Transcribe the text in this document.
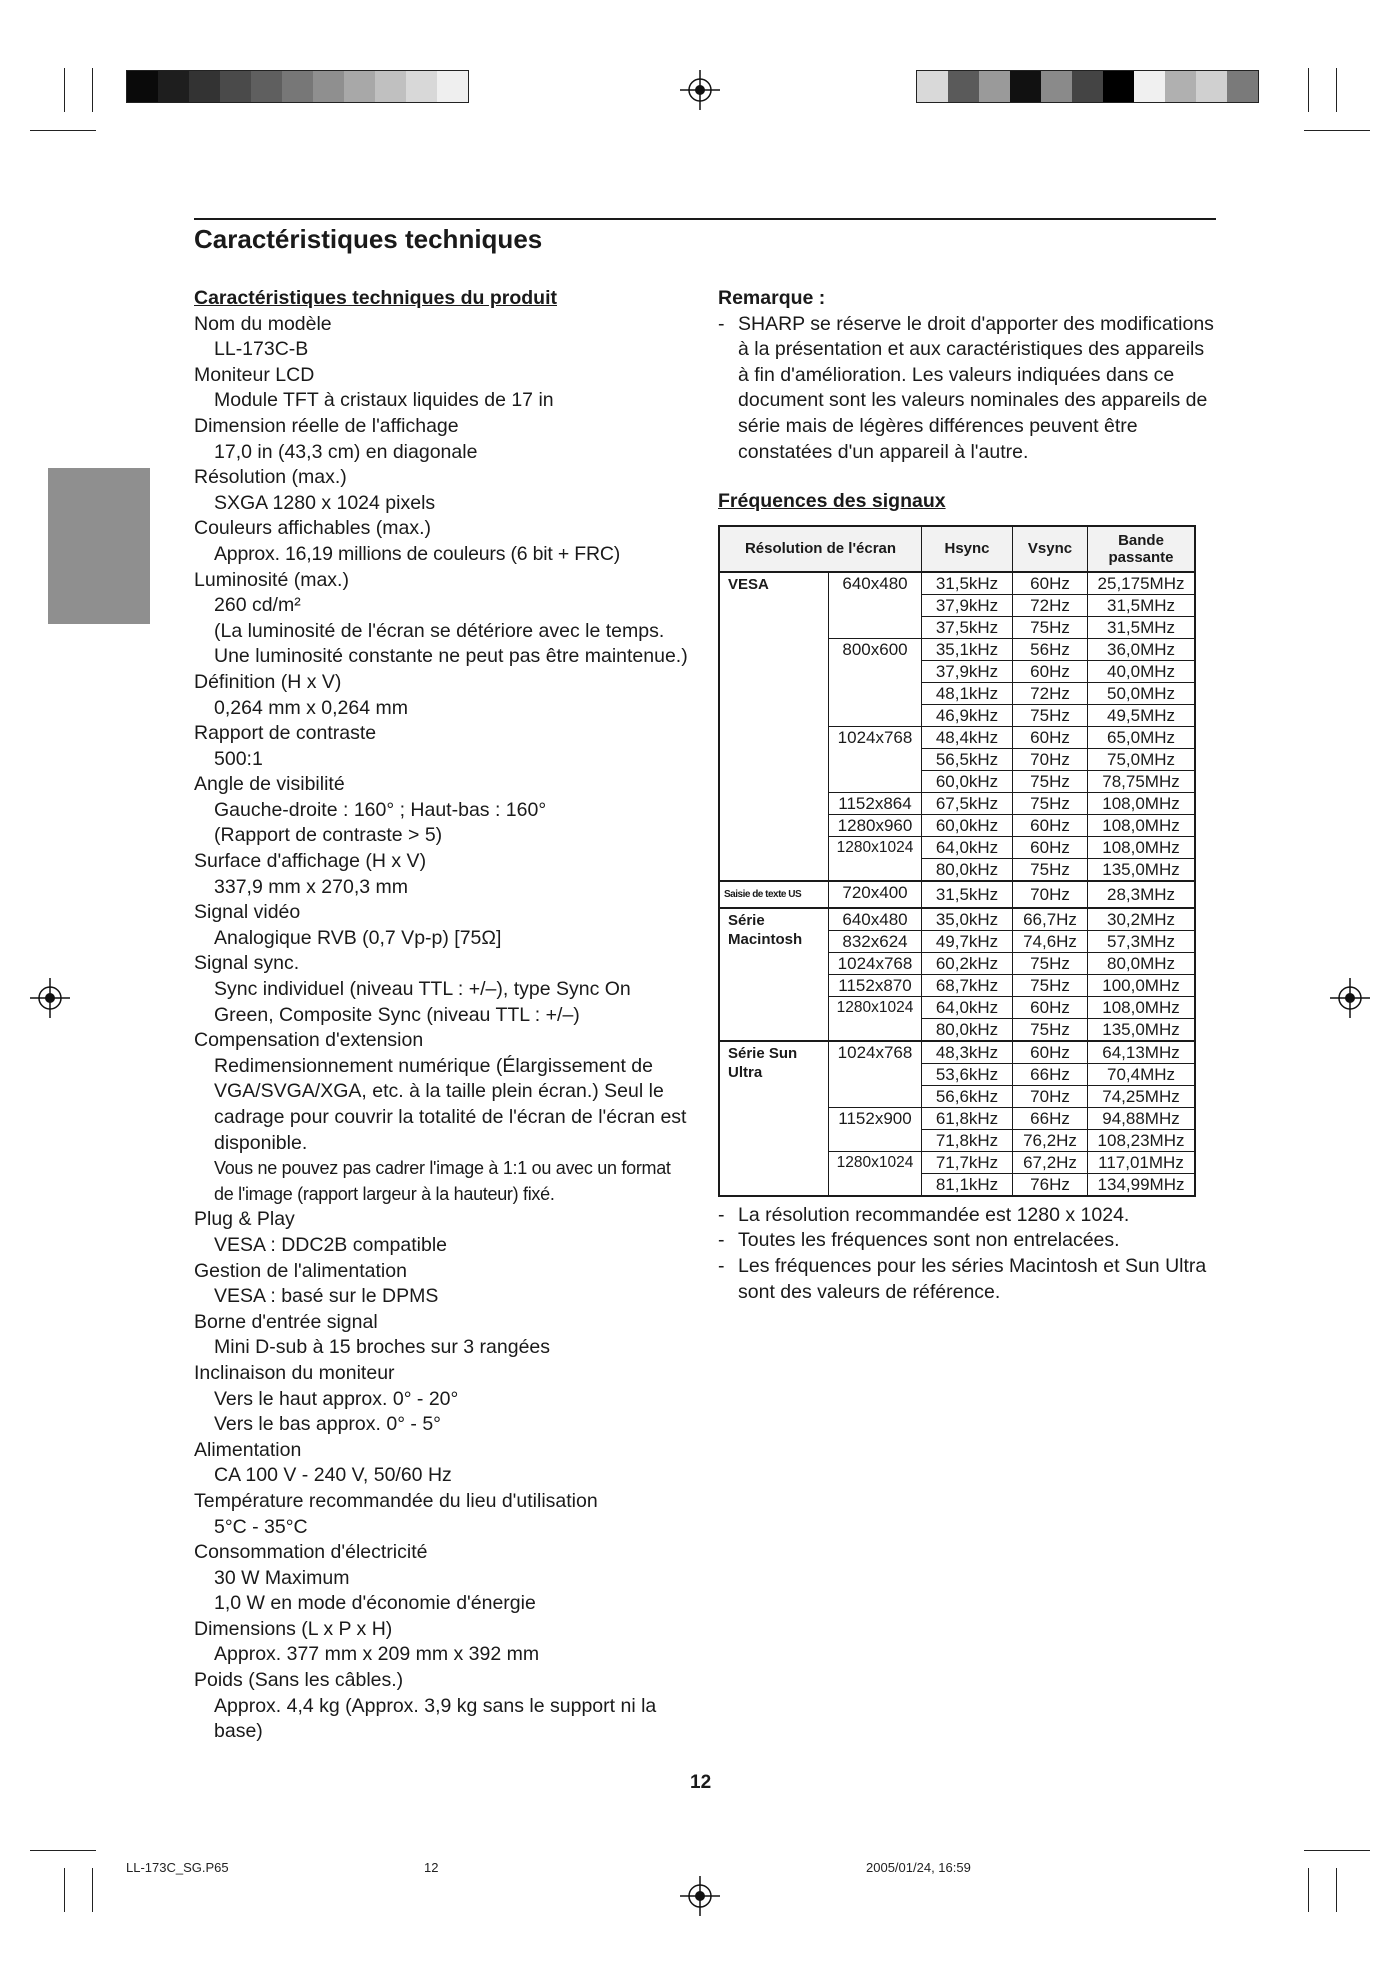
Caractéristiques techniques
Caractéristiques techniques du produit
Nom du modèle
LL-173C-B
Moniteur LCD
Module TFT à cristaux liquides de 17 in
Dimension réelle de l'affichage
17,0 in (43,3 cm) en diagonale
Résolution (max.)
SXGA 1280 x 1024 pixels
Couleurs affichables (max.)
Approx. 16,19 millions de couleurs (6 bit + FRC)
Luminosité (max.)
260 cd/m²
(La luminosité de l'écran se détériore avec le temps. Une luminosité constante ne peut pas être maintenue.)
Définition (H x V)
0,264 mm x 0,264 mm
Rapport de contraste
500:1
Angle de visibilité
Gauche-droite : 160° ; Haut-bas : 160°
(Rapport de contraste > 5)
Surface d'affichage (H x V)
337,9 mm x 270,3 mm
Signal vidéo
Analogique RVB (0,7 Vp-p) [75Ω]
Signal sync.
Sync individuel (niveau TTL : +/–), type Sync On Green, Composite Sync (niveau TTL : +/–)
Compensation d'extension
Redimensionnement numérique (Élargissement de VGA/SVGA/XGA, etc. à la taille plein écran.) Seul le cadrage pour couvrir la totalité de l'écran de l'écran est disponible.
Vous ne pouvez pas cadrer l'image à 1:1 ou avec un format de l'image (rapport largeur à la hauteur) fixé.
Plug & Play
VESA : DDC2B compatible
Gestion de l'alimentation
VESA : basé sur le DPMS
Borne d'entrée signal
Mini D-sub à 15 broches sur 3 rangées
Inclinaison du moniteur
Vers le haut approx. 0° - 20°
Vers le bas approx. 0° - 5°
Alimentation
CA 100 V - 240 V, 50/60 Hz
Température recommandée du lieu d'utilisation
5°C - 35°C
Consommation d'électricité
30 W Maximum
1,0 W en mode d'économie d'énergie
Dimensions (L x P x H)
Approx. 377 mm x 209 mm x 392 mm
Poids (Sans les câbles.)
Approx. 4,4 kg (Approx. 3,9 kg sans le support ni la base)
Remarque :
- SHARP se réserve le droit d'apporter des modifications à la présentation et aux caractéristiques des appareils à fin d'amélioration. Les valeurs indiquées dans ce document sont les valeurs nominales des appareils de série mais de légères différences peuvent être constatées d'un appareil à l'autre.
Fréquences des signaux
Résolution de l'écran		Hsync	Vsync	Bande passante
VESA	640x480	31,5kHz	60Hz	25,175MHz
		37,9kHz	72Hz	31,5MHz
		37,5kHz	75Hz	31,5MHz
	800x600	35,1kHz	56Hz	36,0MHz
		37,9kHz	60Hz	40,0MHz
		48,1kHz	72Hz	50,0MHz
		46,9kHz	75Hz	49,5MHz
	1024x768	48,4kHz	60Hz	65,0MHz
		56,5kHz	70Hz	75,0MHz
		60,0kHz	75Hz	78,75MHz
	1152x864	67,5kHz	75Hz	108,0MHz
	1280x960	60,0kHz	60Hz	108,0MHz
	1280x1024	64,0kHz	60Hz	108,0MHz
		80,0kHz	75Hz	135,0MHz
Saisie de texte US	720x400	31,5kHz	70Hz	28,3MHz
Série Macintosh	640x480	35,0kHz	66,7Hz	30,2MHz
	832x624	49,7kHz	74,6Hz	57,3MHz
	1024x768	60,2kHz	75Hz	80,0MHz
	1152x870	68,7kHz	75Hz	100,0MHz
	1280x1024	64,0kHz	60Hz	108,0MHz
		80,0kHz	75Hz	135,0MHz
Série Sun Ultra	1024x768	48,3kHz	60Hz	64,13MHz
		53,6kHz	66Hz	70,4MHz
		56,6kHz	70Hz	74,25MHz
	1152x900	61,8kHz	66Hz	94,88MHz
		71,8kHz	76,2Hz	108,23MHz
	1280x1024	71,7kHz	67,2Hz	117,01MHz
		81,1kHz	76Hz	134,99MHz
- La résolution recommandée est 1280 x 1024.
- Toutes les fréquences sont non entrelacées.
- Les fréquences pour les séries Macintosh et Sun Ultra sont des valeurs de référence.
12
LL-173C_SG.P65	12	2005/01/24, 16:59
